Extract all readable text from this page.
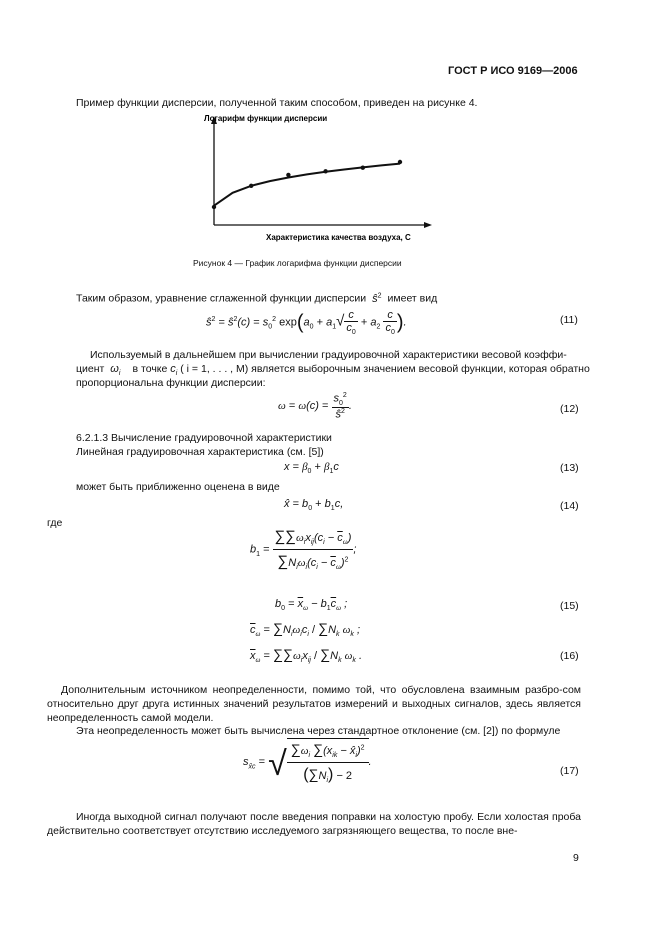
ГОСТ Р ИСО 9169—2006
Пример функции дисперсии, полученной таким способом, приведен на рисунке 4.
Логарифм функции дисперсии
Характеристика качества воздуха, С
Рисунок 4 — График логарифма функции дисперсии
Таким образом, уравнение сглаженной функции дисперсии  $ŝ^2$ имеет вид
$ŝ^2$ = $ŝ^2(c) = s_0^2$ $\exp(a_0 + a_1√ \frac{c}{c_0} + a_2 \frac{c}{c_0}$ ).	(11)
Используемый в дальнейшем при вычислении градуировочной характеристики весовой коэффи-
циент  $\omega_i$ в точке $c_i$ ( i = 1, . . . , M) является выборочным значением весовой функции, которая обратно
пропорциональна функции дисперсии:
$\omega = \omega(c) = \frac{s_0^2}{ŝ^2}$ .	(12)
6.2.1.3 Вычисление градуировочной характеристики
Линейная градуировочная характеристика (см. [5])
$x = \beta_0 + \beta_1c$	(13)
может быть приближенно оценена в виде
x̂ = $b_0 + b_1c$,	(14)
где
$b_1 = \frac{\sum\sum\omega_ix_{ij}(c_i - \overline{c}_\omega)}{\sum N_i\omega_i(c_i - \overline{c}_\omega)^2}$ ;
$b_0 = \overline{x}_\omega - b_1\overline{c}_\omega$ ;	(15)
$\overline{c}_\omega = \sum N_i\omega_ic_i / \sum N_k$ $\omega_k$ ;
$\overline{x}_\omega = \sum\sum\omega_ix_{ij} / \sum N_k$ $\omega_k$ .	(16)
Дополнительным источником неопределенности, помимо той, что обусловлена взаимным разбро-сом относительно друг друга истинных значений результатов измерений и выходных сигналов, здесь является неопределенность самой модели.
Эта неопределенность может быть вычислена через стандартное отклонение (см. [2]) по формуле
$s_{x̂c}$ = √ $\frac{\sum\omega_i \sum(x_{ik} - x̂_i)^2}{(\sum N_i) - 2}$ .
(17)
Иногда выходной сигнал получают после введения поправки на холостую пробу. Если холостая проба действительно соответствует отсутствию исследуемого загрязняющего вещества, то после вне-
9
